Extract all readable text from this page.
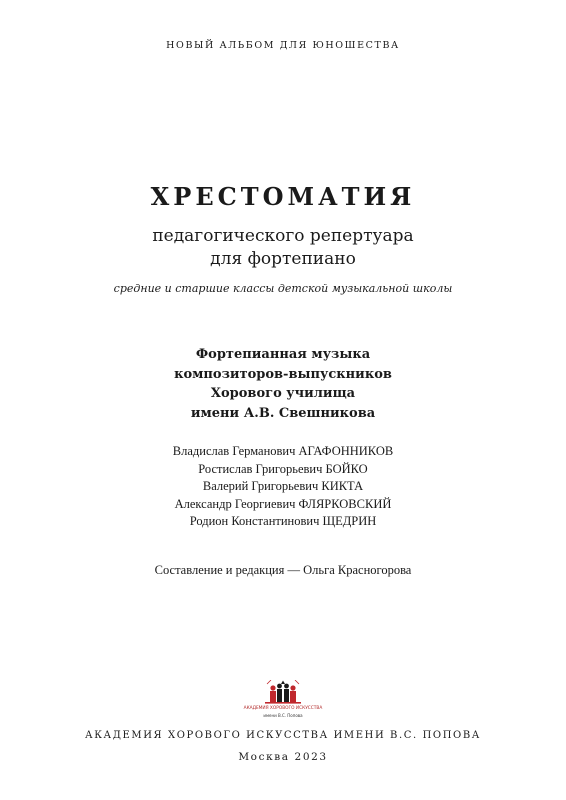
НОВЫЙ АЛЬБОМ ДЛЯ ЮНОШЕСТВА
ХРЕСТОМАТИЯ
педагогического репертуара
для фортепиано
средние и старшие классы детской музыкальной школы
Фортепианная музыка
композиторов-выпускников
Хорового училища
имени А.В. Свешникова
Владислав Германович АГАФОННИКОВ
Ростислав Григорьевич БОЙКО
Валерий Григорьевич КИКТА
Александр Георгиевич ФЛЯРКОВСКИЙ
Родион Константинович ЩЕДРИН
Составление и редакция — Ольга Красногорова
АКАДЕМИЯ ХОРОВОГО ИСКУССТВА
имени В.С. Попова
АКАДЕМИЯ ХОРОВОГО ИСКУССТВА ИМЕНИ В.С. ПОПОВА
Москва 2023
